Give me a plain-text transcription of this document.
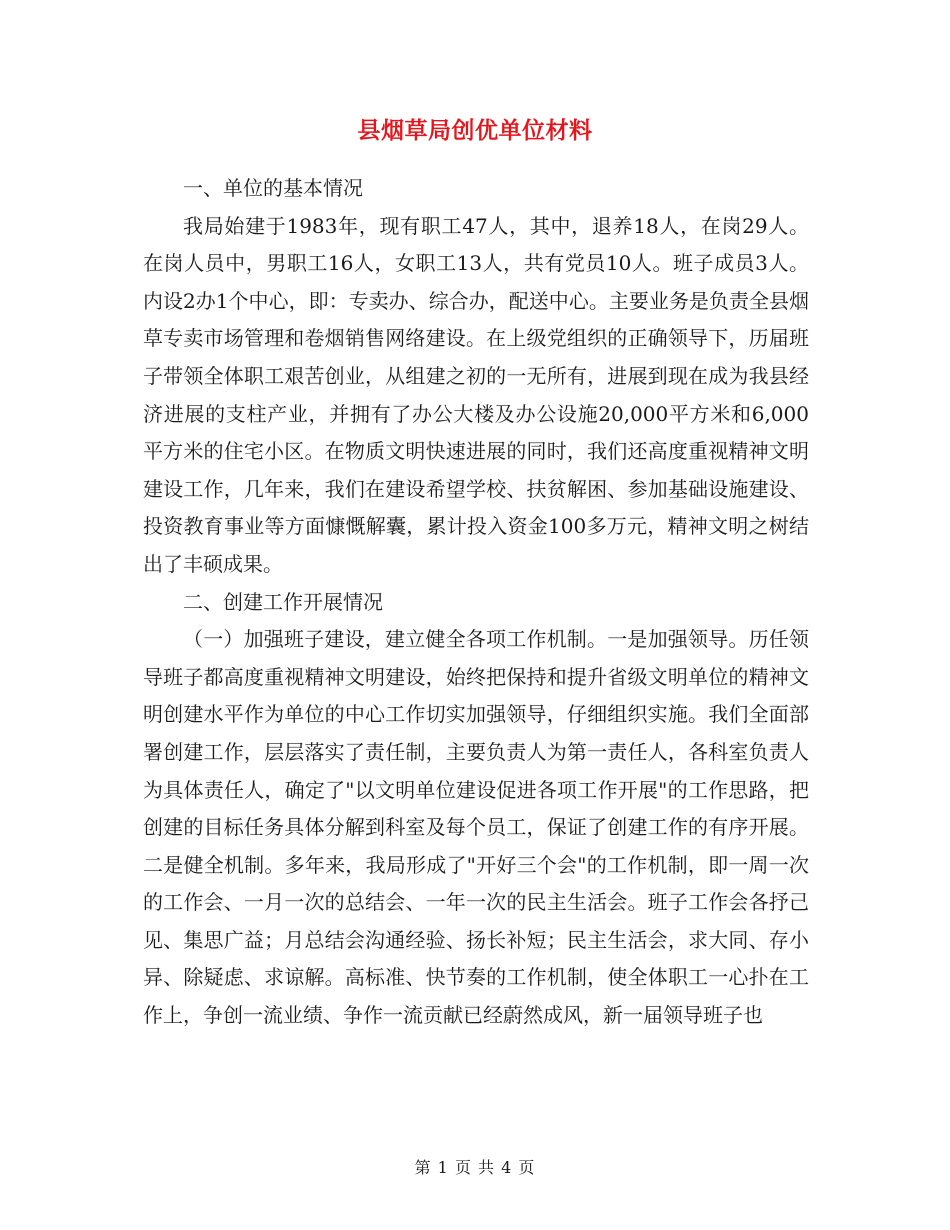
县烟草局创优单位材料

一、单位的基本情况

我局始建于1983年，现有职工47人，其中，退养18人，在岗29人。在岗人员中，男职工16人，女职工13人，共有党员10人。班子成员3人。内设2办1个中心，即：专卖办、综合办，配送中心。主要业务是负责全县烟草专卖市场管理和卷烟销售网络建设。在上级党组织的正确领导下，历届班子带领全体职工艰苦创业，从组建之初的一无所有，进展到现在成为我县经济进展的支柱产业，并拥有了办公大楼及办公设施20,000平方米和6,000平方米的住宅小区。在物质文明快速进展的同时，我们还高度重视精神文明建设工作，几年来，我们在建设希望学校、扶贫解困、参加基础设施建设、投资教育事业等方面慷慨解囊，累计投入资金100多万元，精神文明之树结出了丰硕成果。

二、创建工作开展情况

（一）加强班子建设，建立健全各项工作机制。一是加强领导。历任领导班子都高度重视精神文明建设，始终把保持和提升省级文明单位的精神文明创建水平作为单位的中心工作切实加强领导，仔细组织实施。我们全面部署创建工作，层层落实了责任制，主要负责人为第一责任人，各科室负责人为具体责任人，确定了"以文明单位建设促进各项工作开展"的工作思路，把创建的目标任务具体分解到科室及每个员工，保证了创建工作的有序开展。二是健全机制。多年来，我局形成了"开好三个会"的工作机制，即一周一次的工作会、一月一次的总结会、一年一次的民主生活会。班子工作会各抒己见、集思广益；月总结会沟通经验、扬长补短；民主生活会，求大同、存小异、除疑虑、求谅解。高标准、快节奏的工作机制，使全体职工一心扑在工作上，争创一流业绩、争作一流贡献已经蔚然成风，新一届领导班子也

第 1 页 共 4 页
